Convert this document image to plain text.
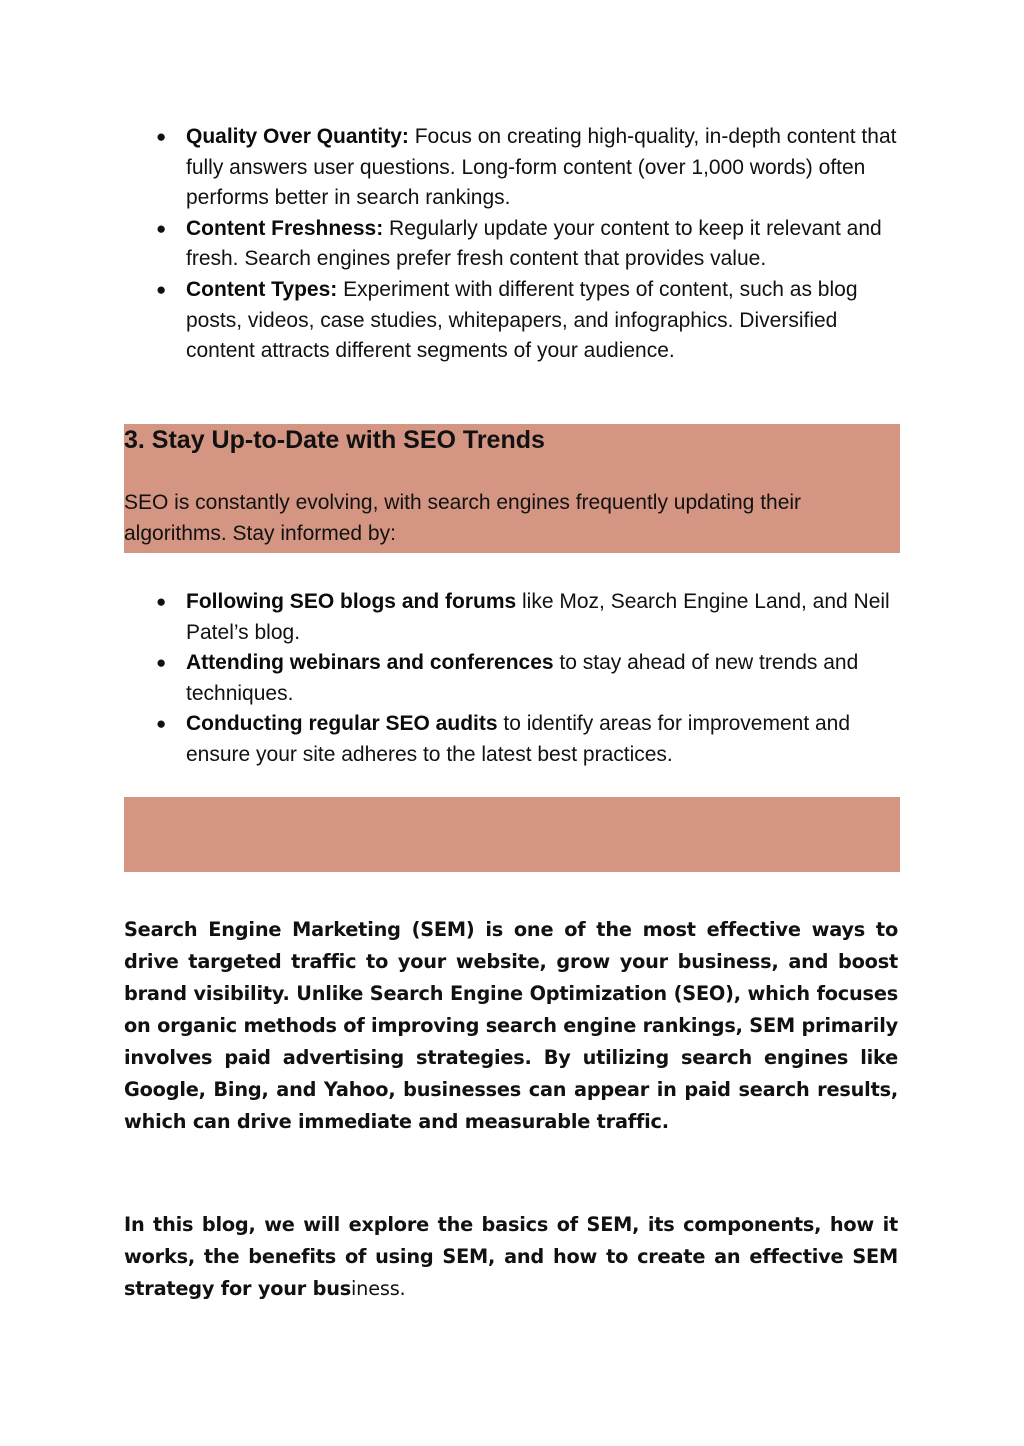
● Quality Over Quantity: Focus on creating high-quality, in-depth content that fully answers user questions. Long-form content (over 1,000 words) often performs better in search rankings.
● Content Freshness: Regularly update your content to keep it relevant and fresh. Search engines prefer fresh content that provides value.
● Content Types: Experiment with different types of content, such as blog posts, videos, case studies, whitepapers, and infographics. Diversified content attracts different segments of your audience.
3. Stay Up-to-Date with SEO Trends

SEO is constantly evolving, with search engines frequently updating their algorithms. Stay informed by:

● Following SEO blogs and forums like Moz, Search Engine Land, and Neil Patel’s blog.
● Attending webinars and conferences to stay ahead of new trends and techniques.
● Conducting regular SEO audits to identify areas for improvement and ensure your site adheres to the latest best practices.

Search Engine Marketing (SEM) is one of the most effective ways to drive targeted traffic to your website, grow your business, and boost brand visibility. Unlike Search Engine Optimization (SEO), which focuses on organic methods of improving search engine rankings, SEM primarily involves paid advertising strategies. By utilizing search engines like Google, Bing, and Yahoo, businesses can appear in paid search results, which can drive immediate and measurable traffic.

In this blog, we will explore the basics of SEM, its components, how it works, the benefits of using SEM, and how to create an effective SEM strategy for your business.
